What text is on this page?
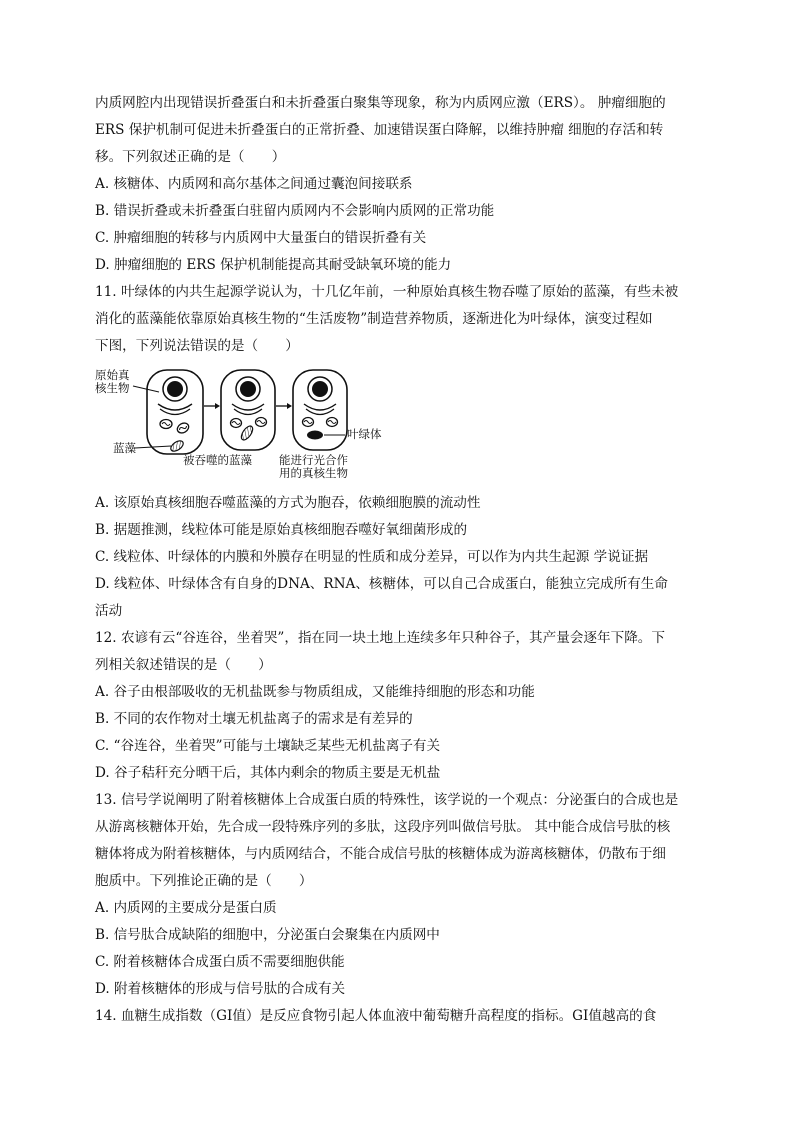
内质网腔内出现错误折叠蛋白和未折叠蛋白聚集等现象，称为内质网应激（ERS）。 肿瘤细胞的
ERS 保护机制可促进未折叠蛋白的正常折叠、加速错误蛋白降解，以维持肿瘤 细胞的存活和转
移。下列叙述正确的是（　　）

A. 核糖体、内质网和高尔基体之间通过囊泡间接联系

B. 错误折叠或未折叠蛋白驻留内质网内不会影响内质网的正常功能

C. 肿瘤细胞的转移与内质网中大量蛋白的错误折叠有关

D. 肿瘤细胞的 ERS 保护机制能提高其耐受缺氧环境的能力

11. 叶绿体的内共生起源学说认为，十几亿年前，一种原始真核生物吞噬了原始的蓝藻，有些未被
消化的蓝藻能依靠原始真核生物的“生活废物”制造营养物质，逐渐进化为叶绿体，演变过程如
下图，下列说法错误的是（　　）

原始真
核生物
蓝藻
被吞噬的蓝藻
叶绿体
能进行光合作
用的真核生物

A. 该原始真核细胞吞噬蓝藻的方式为胞吞，依赖细胞膜的流动性

B. 据题推测，线粒体可能是原始真核细胞吞噬好氧细菌形成的

C. 线粒体、叶绿体的内膜和外膜存在明显的性质和成分差异，可以作为内共生起源 学说证据

D. 线粒体、叶绿体含有自身的DNA、RNA、核糖体，可以自己合成蛋白，能独立完成所有生命
活动

12. 农谚有云“谷连谷，坐着哭”，指在同一块土地上连续多年只种谷子，其产量会逐年下降。下
列相关叙述错误的是（　　）

A. 谷子由根部吸收的无机盐既参与物质组成，又能维持细胞的形态和功能

B. 不同的农作物对土壤无机盐离子的需求是有差异的

C. “谷连谷，坐着哭”可能与土壤缺乏某些无机盐离子有关

D. 谷子秸秆充分晒干后，其体内剩余的物质主要是无机盐

13. 信号学说阐明了附着核糖体上合成蛋白质的特殊性，该学说的一个观点：分泌蛋白的合成也是
从游离核糖体开始，先合成一段特殊序列的多肽，这段序列叫做信号肽。 其中能合成信号肽的核
糖体将成为附着核糖体，与内质网结合，不能合成信号肽的核糖体成为游离核糖体，仍散布于细
胞质中。下列推论正确的是（　　）

A. 内质网的主要成分是蛋白质

B. 信号肽合成缺陷的细胞中，分泌蛋白会聚集在内质网中

C. 附着核糖体合成蛋白质不需要细胞供能

D. 附着核糖体的形成与信号肽的合成有关

14. 血糖生成指数（GI值）是反应食物引起人体血液中葡萄糖升高程度的指标。GI值越高的食
